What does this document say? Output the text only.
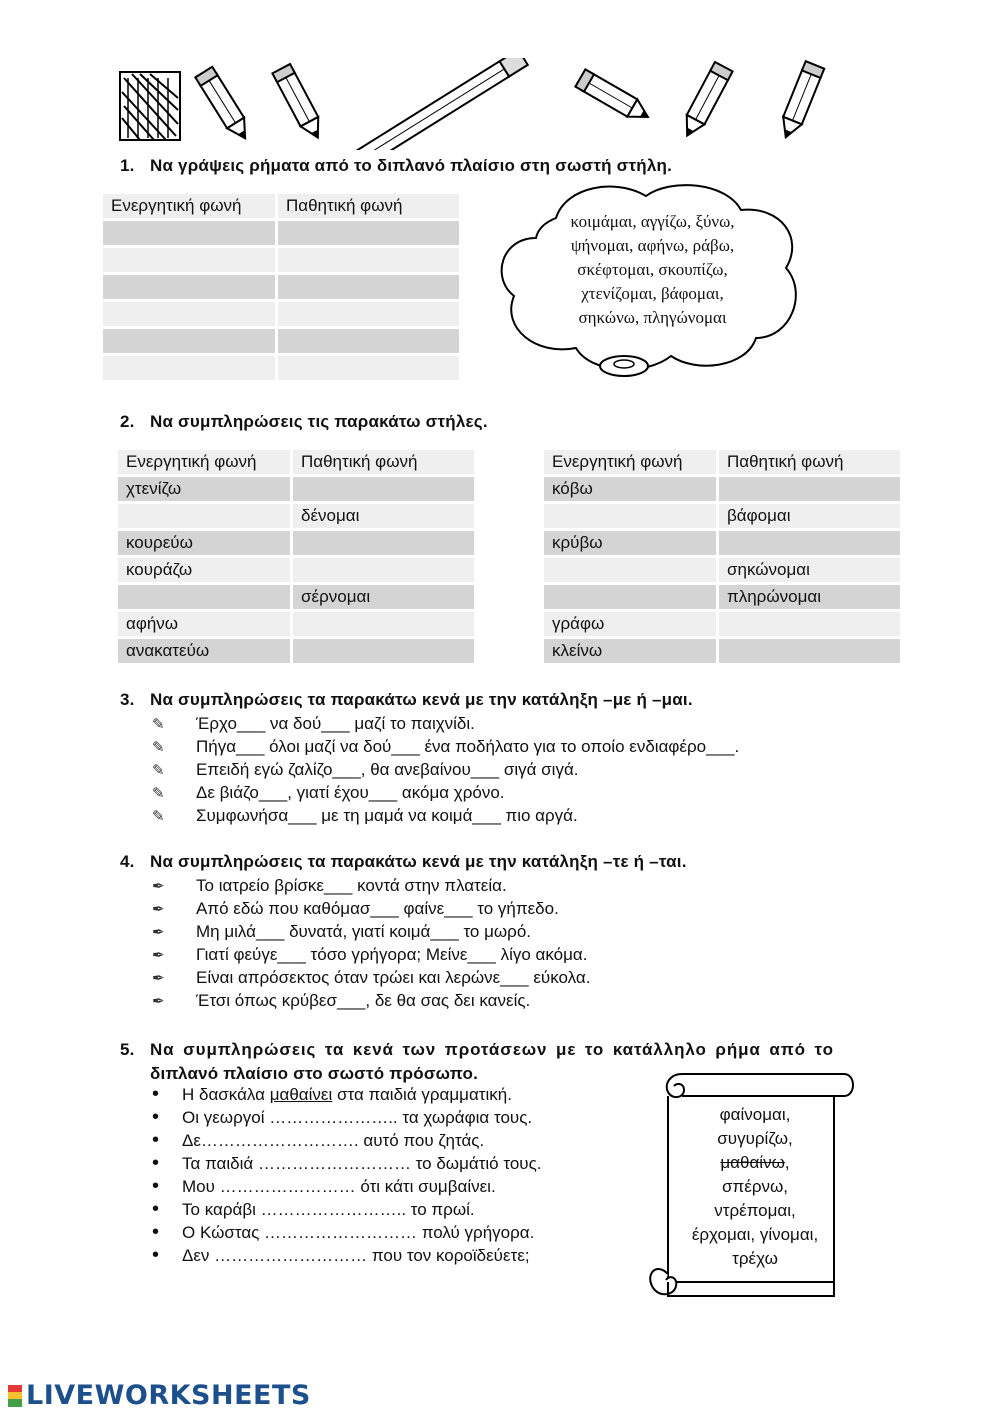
1. Να γράψεις ρήματα από το διπλανό πλαίσιο στη σωστή στήλη.
Ενεργητική φωνή	Παθητική φωνή

κοιμάμαι, αγγίζω, ξύνω,
ψήνομαι, αφήνω, ράβω,
σκέφτομαι, σκουπίζω,
χτενίζομαι, βάφομαι,
σηκώνω, πληγώνομαι
2. Να συμπληρώσεις τις παρακάτω στήλες.
Ενεργητική φωνή	Παθητική φωνή
χτενίζω	
	δένομαι
κουρεύω	
κουράζω	
	σέρνομαι
αφήνω	
ανακατεύω	
Ενεργητική φωνή	Παθητική φωνή
κόβω	
	βάφομαι
κρύβω	
	σηκώνομαι
	πληρώνομαι
γράφω	
κλείνω	
3. Να συμπληρώσεις τα παρακάτω κενά με την κατάληξη –με ή –μαι.
✎ Έρχο___ να δού___ μαζί το παιχνίδι.
✎ Πήγα___ όλοι μαζί να δού___ ένα ποδήλατο για το οποίο ενδιαφέρο___.
✎ Επειδή εγώ ζαλίζο___, θα ανεβαίνου___ σιγά σιγά.
✎ Δε βιάζο___, γιατί έχου___ ακόμα χρόνο.
✎ Συμφωνήσα___ με τη μαμά να κοιμά___ πιο αργά.
4. Να συμπληρώσεις τα παρακάτω κενά με την κατάληξη –τε ή –ται.
✒ Το ιατρείο βρίσκε___ κοντά στην πλατεία.
✒ Από εδώ που καθόμασ___ φαίνε___ το γήπεδο.
✒ Μη μιλά___ δυνατά, γιατί κοιμά___ το μωρό.
✒ Γιατί φεύγε___ τόσο γρήγορα; Μείνε___ λίγο ακόμα.
✒ Είναι απρόσεκτος όταν τρώει και λερώνε___ εύκολα.
✒ Έτσι όπως κρύβεσ___, δε θα σας δει κανείς.
5. Να συμπληρώσεις τα κενά των προτάσεων με το κατάλληλο ρήμα από το
διπλανό πλαίσιο στο σωστό πρόσωπο.
• Η δασκάλα μαθαίνει στα παιδιά γραμματική.
• Οι γεωργοί ………………….. τα χωράφια τους.
• Δε………………………. αυτό που ζητάς.
• Τα παιδιά ……………………… το δωμάτιό τους.
• Μου …………………… ότι κάτι συμβαίνει.
• Το καράβι …………………….. το πρωί.
• Ο Κώστας ……………………… πολύ γρήγορα.
• Δεν ……………………… που τον κοροϊδεύετε;
φαίνομαι,
συγυρίζω,
μαθαίνω,
σπέρνω,
ντρέπομαι,
έρχομαι, γίνομαι,
τρέχω
LIVEWORKSHEETS
